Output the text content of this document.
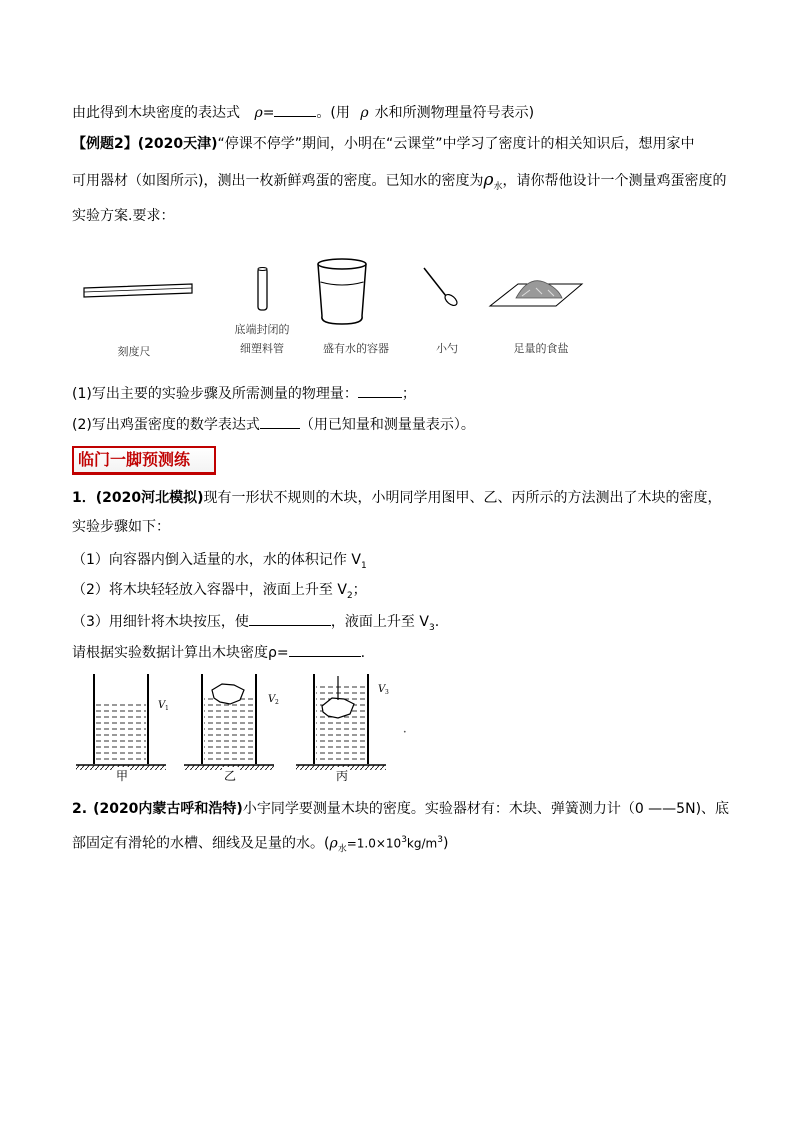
由此得到木块密度的表达式 ρ=	。(用 ρ 水和所测物理量符号表示)
【例题2】(2020天津)“停课不停学”期间，小明在“云课堂”中学习了密度计的相关知识后，想用家中
可用器材（如图所示)，测出一枚新鲜鸡蛋的密度。已知水的密度为$\rho_水$，请你帮他设计一个测量鸡蛋密度的
实验方案.要求：
刻度尺
底端封闭的
细塑料管	盛有水的容器	小勺	足量的食盐
(1)写出主要的实验步骤及所需测量的物理量：	；
(2)写出鸡蛋密度的数学表达式	（用已知量和测量量表示）。
临门一脚预测练
1．(2020河北模拟)现有一形状不规则的木块，小明同学用图甲、乙、丙所示的方法测出了木块的密度，
实验步骤如下：
（1）向容器内倒入适量的水，水的体积记作 $V_1$
（2）将木块轻轻放入容器中，液面上升至 $V_2$；
（3）用细针将木块按压，使	，液面上升至 $V_3$.
请根据实验数据计算出木块密度ρ=	.
V 1
V 2
V 3
•
甲	乙	丙
2. (2020内蒙古呼和浩特)小宇同学要测量木块的密度。实验器材有：木块、弹簧测力计（0 ——5N)、底
部固定有滑轮的水槽、细线及足量的水。$(\rho_水=1.0\times 10^3kg/m^3)$
